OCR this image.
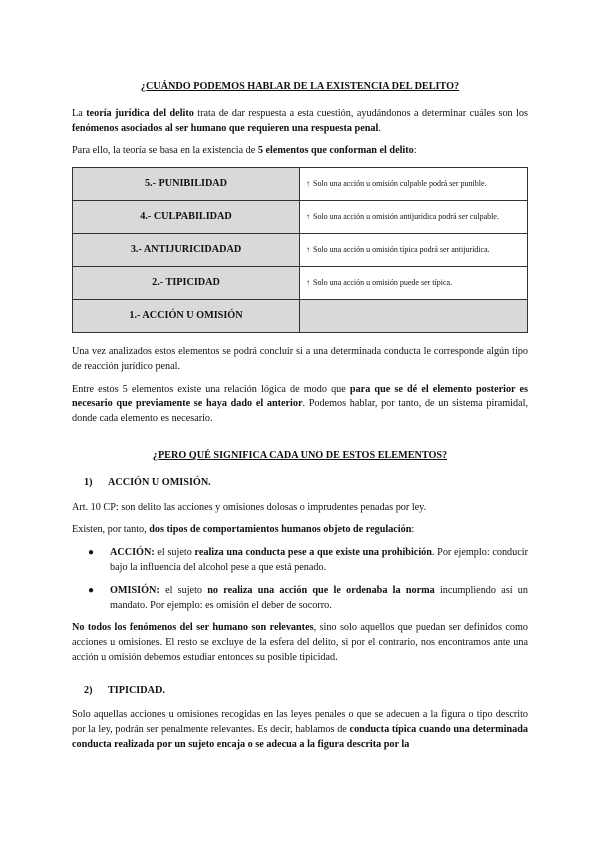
¿CUÁNDO PODEMOS HABLAR DE LA EXISTENCIA DEL DELITO?

La teoría jurídica del delito trata de dar respuesta a esta cuestión, ayudándonos a determinar cuáles son los fenómenos asociados al ser humano que requieren una respuesta penal.

Para ello, la teoría se basa en la existencia de 5 elementos que conforman el delito:

5.- PUNIBILIDAD	↑ Solo una acción u omisión culpable podrá ser punible.
4.- CULPABILIDAD	↑ Solo una acción u omisión antijurídica podrá ser culpable.
3.- ANTIJURICIDADAD	↑ Solo una acción u omisión típica podrá ser antijurídica.
2.- TIPICIDAD	↑ Solo una acción u omisión puede ser típica.
1.- ACCIÓN U OMISIÓN	

Una vez analizados estos elementos se podrá concluir si a una determinada conducta le corresponde algún tipo de reacción jurídico penal.

Entre estos 5 elementos existe una relación lógica de modo que para que se dé el elemento posterior es necesario que previamente se haya dado el anterior. Podemos hablar, por tanto, de un sistema piramidal, donde cada elemento es necesario.

¿PERO QUÉ SIGNIFICA CADA UNO DE ESTOS ELEMENTOS?
1) ACCIÓN U OMISIÓN.

Art. 10 CP: son delito las acciones y omisiones dolosas o imprudentes penadas por ley.

Existen, por tanto, dos tipos de comportamientos humanos objeto de regulación:

● ACCIÓN: el sujeto realiza una conducta pese a que existe una prohibición. Por ejemplo: conducir bajo la influencia del alcohol pese a que está penado.
● OMISIÓN: el sujeto no realiza una acción que le ordenaba la norma incumpliendo así un mandato. Por ejemplo: es omisión el deber de socorro.

No todos los fenómenos del ser humano son relevantes, sino solo aquellos que puedan ser definidos como acciones u omisiones. El resto se excluye de la esfera del delito, si por el contrario, nos encontramos ante una acción u omisión debemos estudiar entonces su posible tipicidad.

2) TIPICIDAD.

Solo aquellas acciones u omisiones recogidas en las leyes penales o que se adecuen a la figura o tipo descrito por la ley, podrán ser penalmente relevantes. Es decir, hablamos de conducta típica cuando una determinada conducta realizada por un sujeto encaja o se adecua a la figura descrita por la
